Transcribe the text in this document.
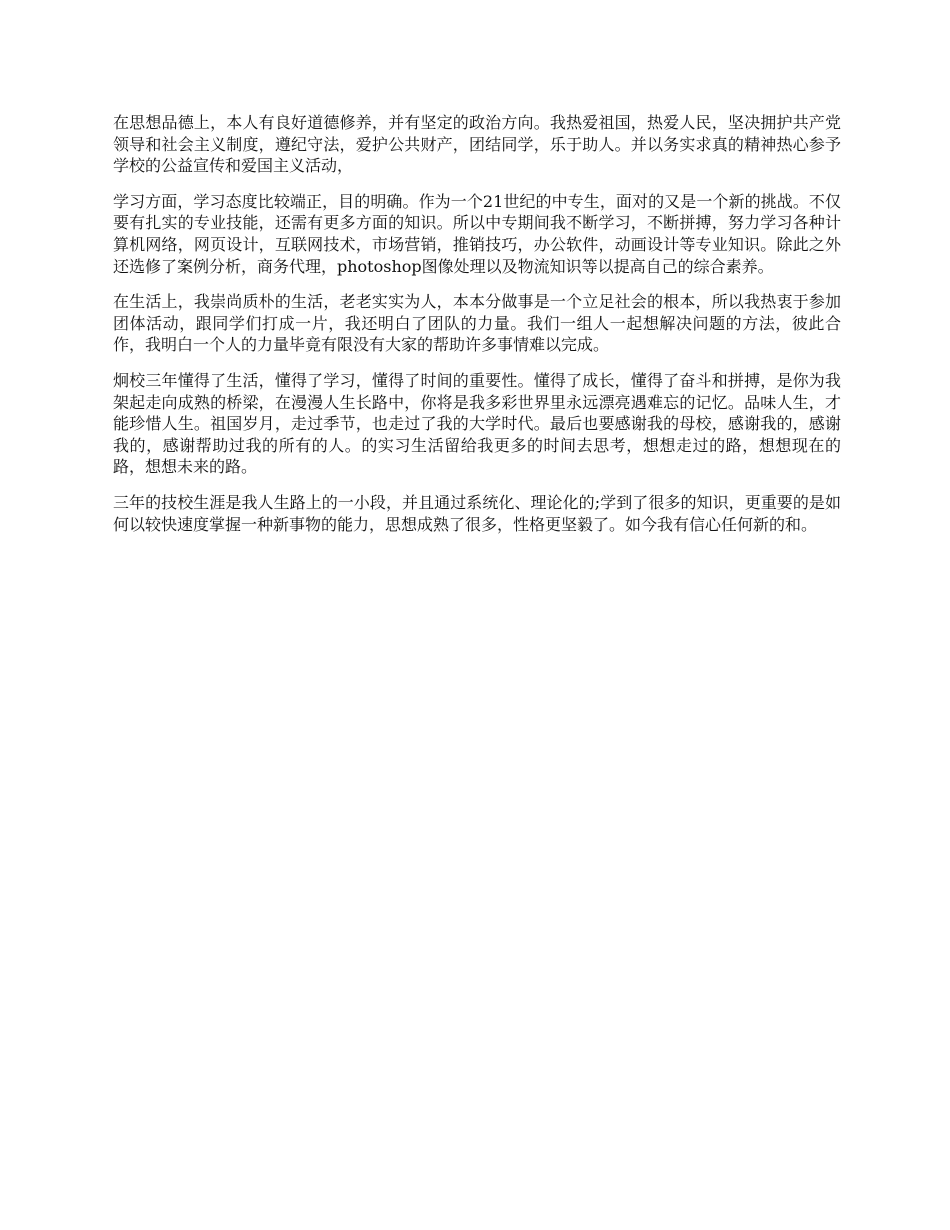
在思想品德上，本人有良好道德修养，并有坚定的政治方向。我热爱祖国，热爱人民，坚决拥护共产党领导和社会主义制度，遵纪守法，爱护公共财产，团结同学，乐于助人。并以务实求真的精神热心参予学校的公益宣传和爱国主义活动，

学习方面，学习态度比较端正，目的明确。作为一个21世纪的中专生，面对的又是一个新的挑战。不仅要有扎实的专业技能，还需有更多方面的知识。所以中专期间我不断学习，不断拼搏，努力学习各种计算机网络，网页设计，互联网技术，市场营销，推销技巧，办公软件，动画设计等专业知识。除此之外还选修了案例分析，商务代理，photoshop图像处理以及物流知识等以提高自己的综合素养。

在生活上，我崇尚质朴的生活，老老实实为人，本本分做事是一个立足社会的根本，所以我热衷于参加团体活动，跟同学们打成一片，我还明白了团队的力量。我们一组人一起想解决问题的方法，彼此合作，我明白一个人的力量毕竟有限没有大家的帮助许多事情难以完成。

炯校三年懂得了生活，懂得了学习，懂得了时间的重要性。懂得了成长，懂得了奋斗和拼搏，是你为我架起走向成熟的桥梁，在漫漫人生长路中，你将是我多彩世界里永远漂亮遇难忘的记忆。品味人生，才能珍惜人生。祖国岁月，走过季节，也走过了我的大学时代。最后也要感谢我的母校，感谢我的，感谢我的，感谢帮助过我的所有的人。的实习生活留给我更多的时间去思考，想想走过的路，想想现在的路，想想未来的路。

三年的技校生涯是我人生路上的一小段，并且通过系统化、理论化的;学到了很多的知识，更重要的是如何以较快速度掌握一种新事物的能力，思想成熟了很多，性格更坚毅了。如今我有信心任何新的和。
